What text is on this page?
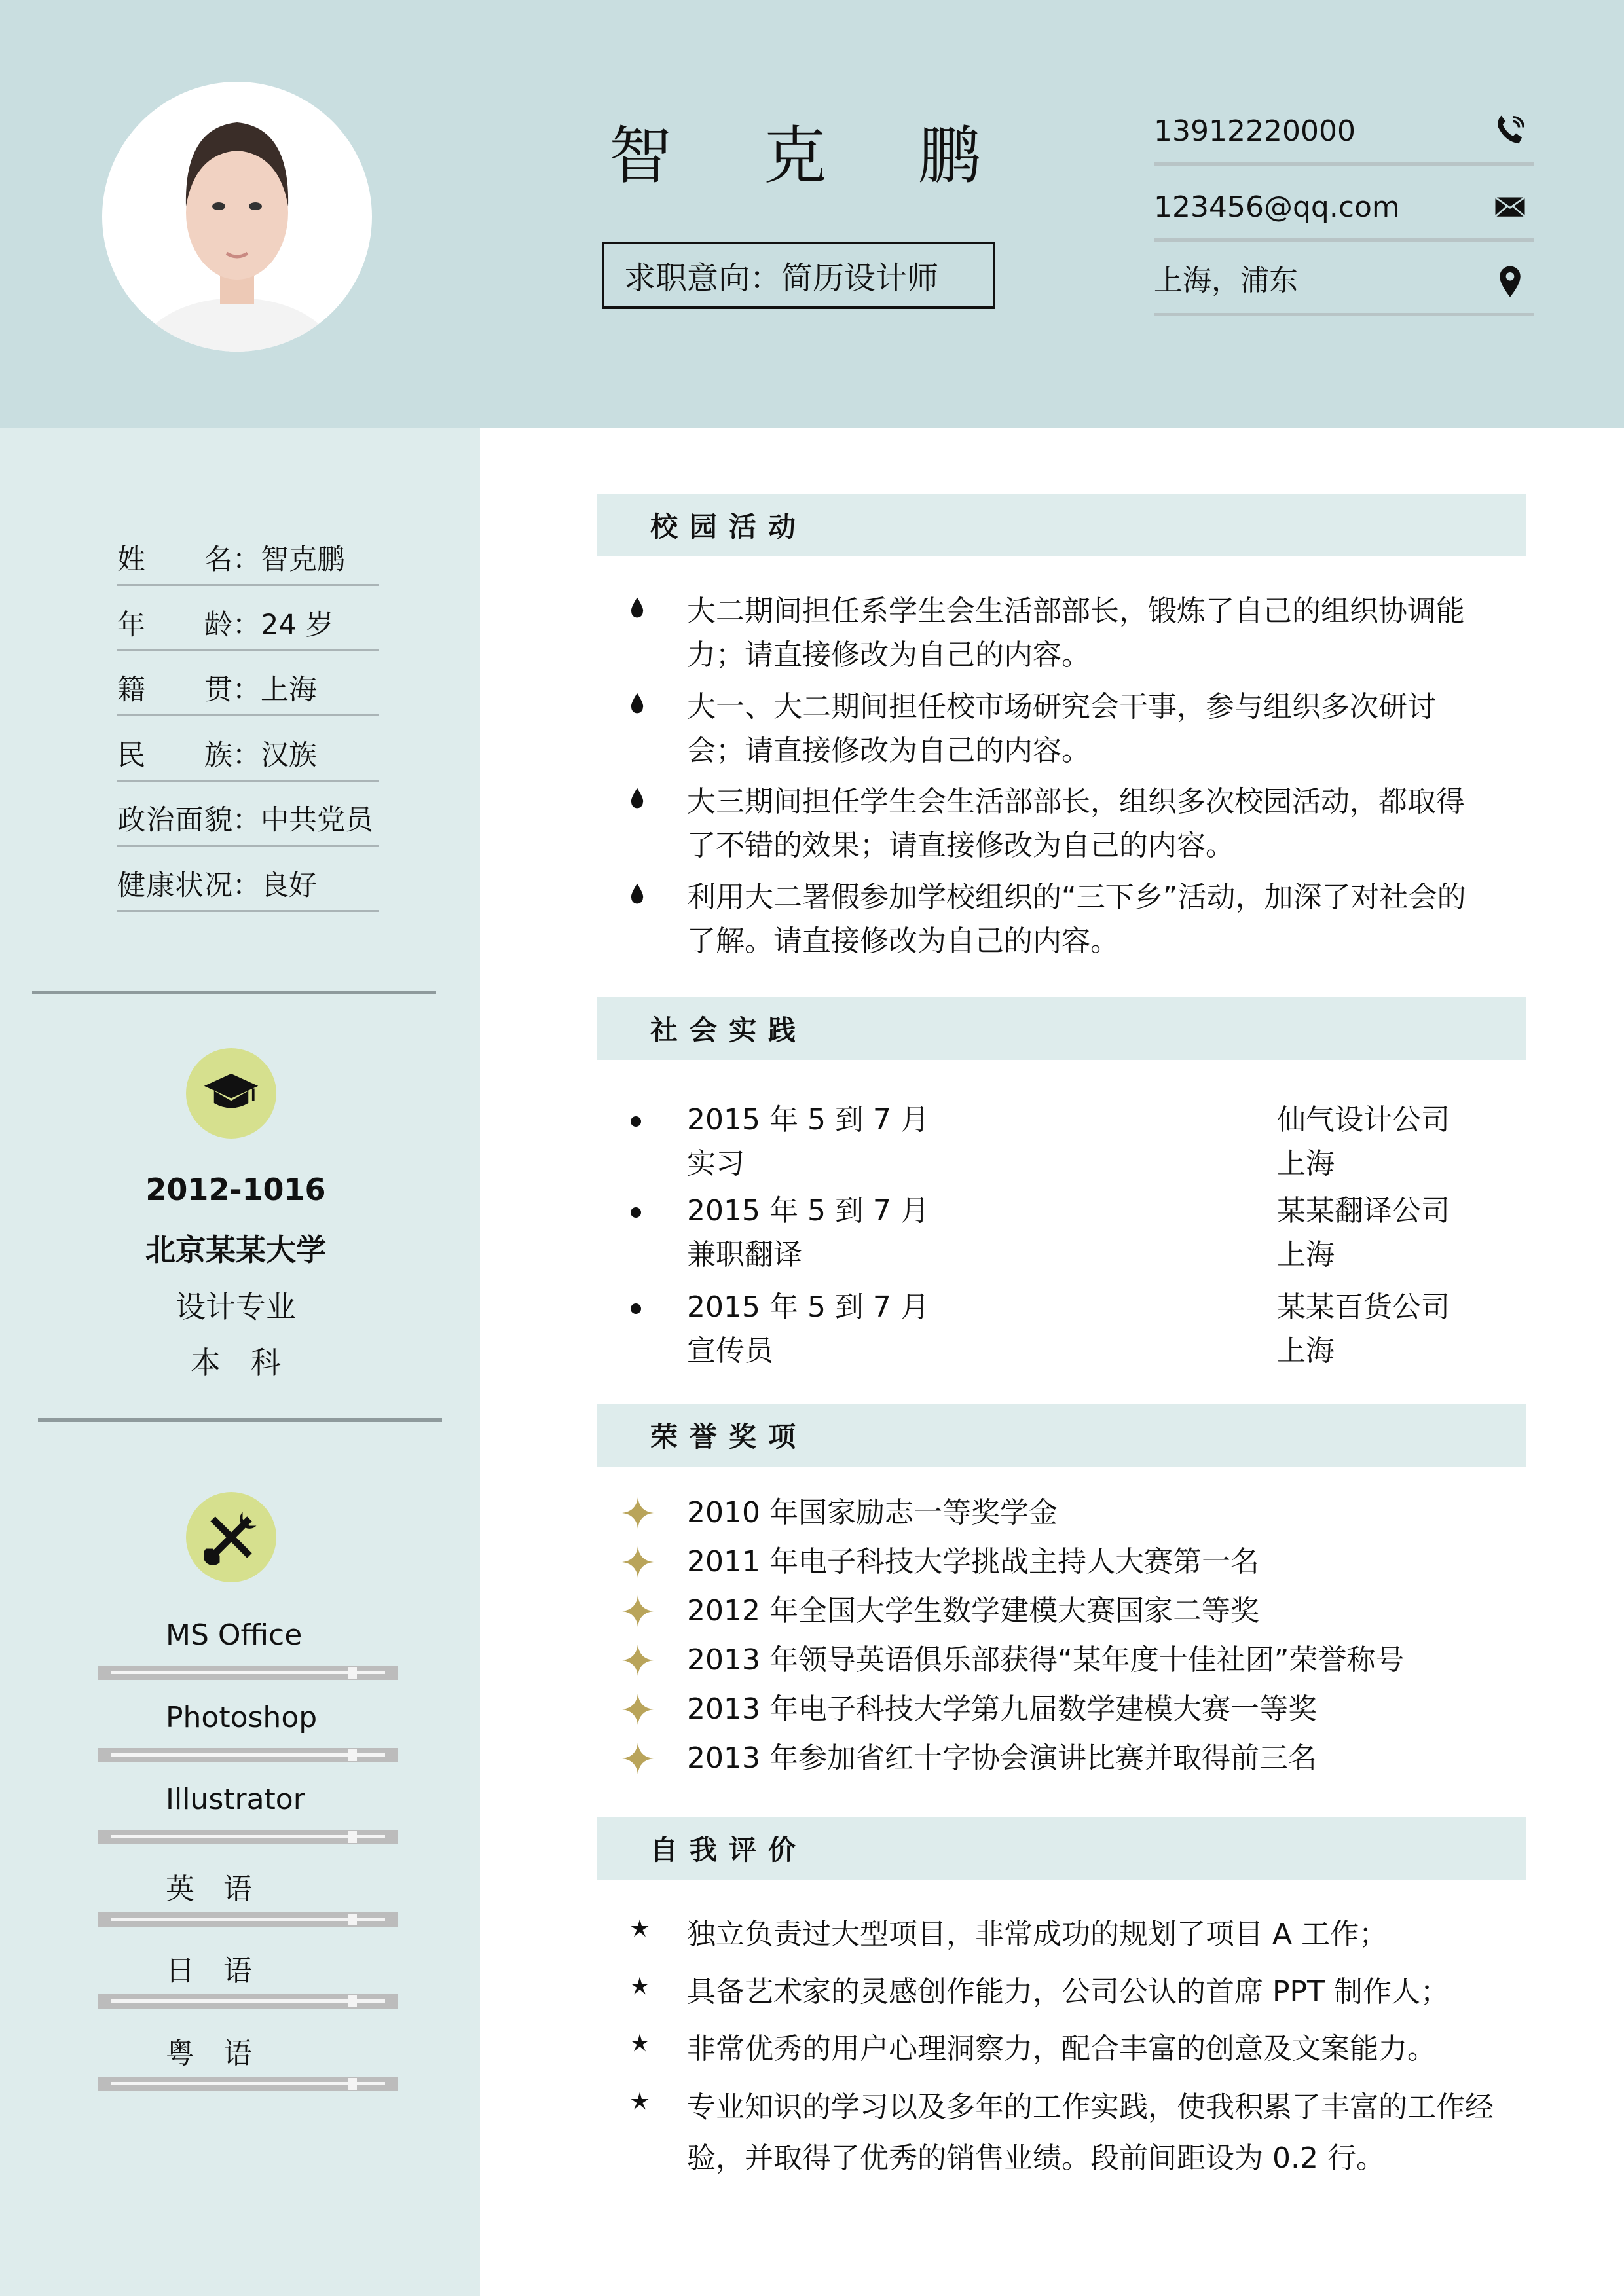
智克鹏
求职意向：简历设计师
13912220000
123456@qq.com
上海，浦东
姓名 ：智克鹏
年龄 ：24 岁
籍贯 ：上海
民族 ：汉族
政治面貌 ：中共党员
健康状况 ：良好
2012-1016
北京某某大学
设计专业
本　科
MS Office
Photoshop
Illustrator
英　语
日　语
粤　语
校园活动
大二期间担任系学生会生活部部长，锻炼了自己的组织协调能力；请直接修改为自己的内容。
大一、大二期间担任校市场研究会干事，参与组织多次研讨会；请直接修改为自己的内容。
大三期间担任学生会生活部部长，组织多次校园活动，都取得了不错的效果；请直接修改为自己的内容。
利用大二署假参加学校组织的“三下乡”活动，加深了对社会的了解。请直接修改为自己的内容。
社会实践
2015 年 5 到 7 月
实习
仙气设计公司
上海
2015 年 5 到 7 月
兼职翻译
某某翻译公司
上海
2015 年 5 到 7 月
宣传员
某某百货公司
上海
荣誉奖项
2010 年国家励志一等奖学金
2011 年电子科技大学挑战主持人大赛第一名
2012 年全国大学生数学建模大赛国家二等奖
2013 年领导英语俱乐部获得“某年度十佳社团”荣誉称号
2013 年电子科技大学第九届数学建模大赛一等奖
2013 年参加省红十字协会演讲比赛并取得前三名
自我评价
独立负责过大型项目，非常成功的规划了项目 A 工作；
具备艺术家的灵感创作能力，公司公认的首席 PPT 制作人；
非常优秀的用户心理洞察力，配合丰富的创意及文案能力。
专业知识的学习以及多年的工作实践，使我积累了丰富的工作经验，并取得了优秀的销售业绩。段前间距设为 0.2 行。
